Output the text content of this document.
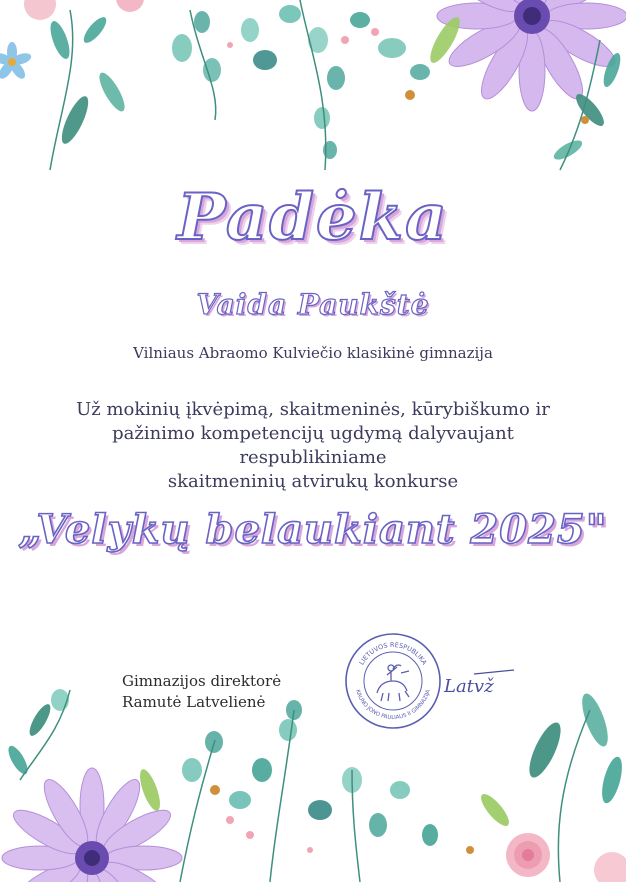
Padėka
Vaida Paukštė
Vilniaus Abraomo Kulviečio klasikinė gimnazija
Už mokinių įkvėpimą, skaitmeninės, kūrybiškumo ir
pažinimo kompetencijų ugdymą dalyvaujant respublikiniame
skaitmeninių atvirukų konkurse
„Velykų belaukiant 2025"
Gimnazijos direktorė
Ramutė Latvelienė
LIETUVOS RESPUBLIKA
KAUNO JONO PAULIAUS II GIMNAZIJA Latvž
